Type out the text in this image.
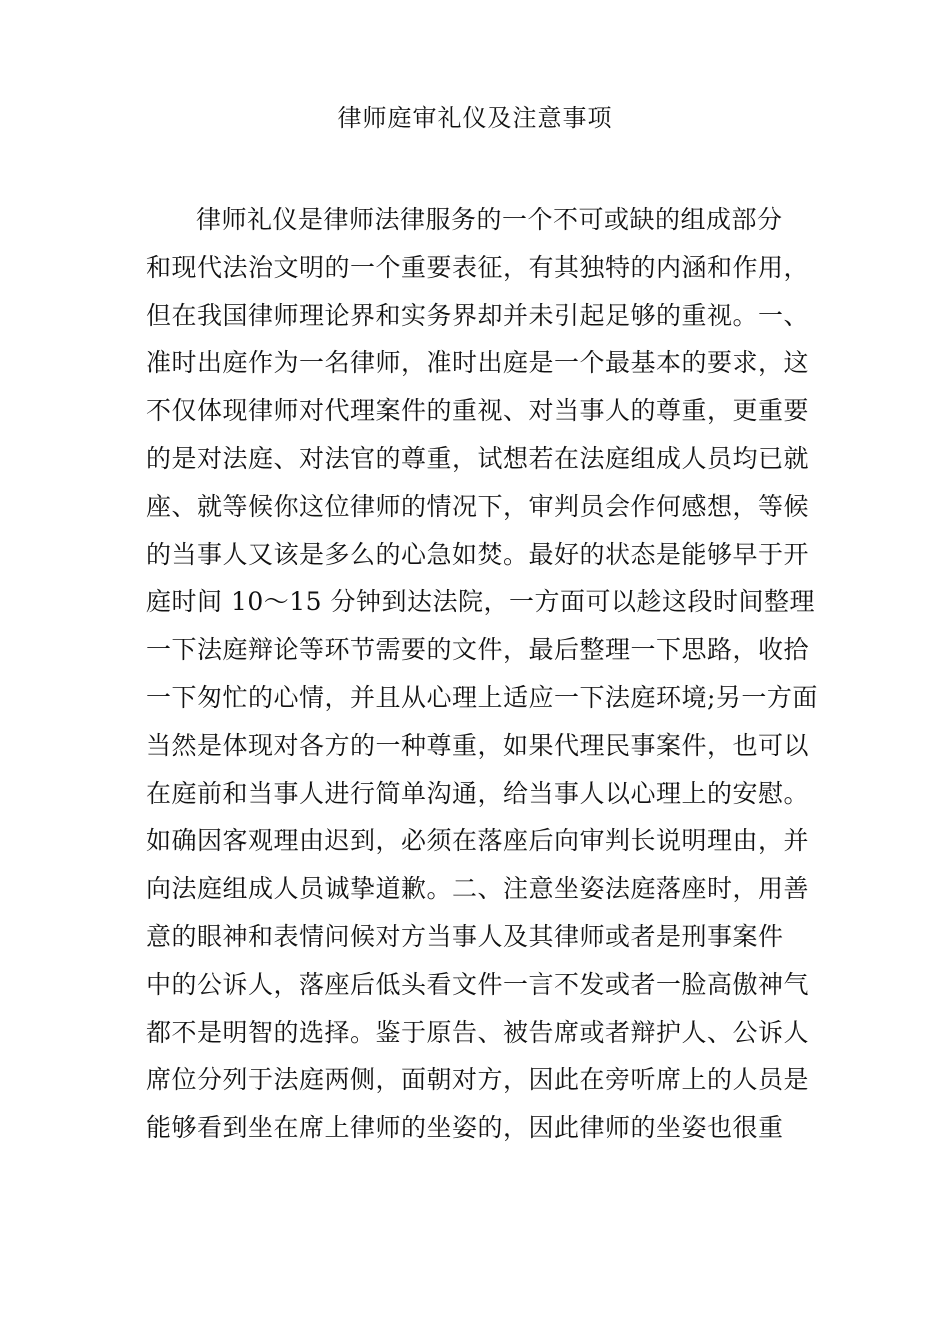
律师庭审礼仪及注意事项
律师礼仪是律师法律服务的一个不可或缺的组成部分
和现代法治文明的一个重要表征，有其独特的内涵和作用，
但在我国律师理论界和实务界却并未引起足够的重视。一、
准时出庭作为一名律师，准时出庭是一个最基本的要求，这
不仅体现律师对代理案件的重视、对当事人的尊重，更重要
的是对法庭、对法官的尊重，试想若在法庭组成人员均已就
座、就等候你这位律师的情况下，审判员会作何感想，等候
的当事人又该是多么的心急如焚。最好的状态是能够早于开
庭时间 10～15 分钟到达法院，一方面可以趁这段时间整理
一下法庭辩论等环节需要的文件，最后整理一下思路，收拾
一下匆忙的心情，并且从心理上适应一下法庭环境;另一方面
当然是体现对各方的一种尊重，如果代理民事案件，也可以
在庭前和当事人进行简单沟通，给当事人以心理上的安慰。
如确因客观理由迟到，必须在落座后向审判长说明理由，并
向法庭组成人员诚挚道歉。二、注意坐姿法庭落座时，用善
意的眼神和表情问候对方当事人及其律师或者是刑事案件
中的公诉人，落座后低头看文件一言不发或者一脸高傲神气
都不是明智的选择。鉴于原告、被告席或者辩护人、公诉人
席位分列于法庭两侧，面朝对方，因此在旁听席上的人员是
能够看到坐在席上律师的坐姿的，因此律师的坐姿也很重
